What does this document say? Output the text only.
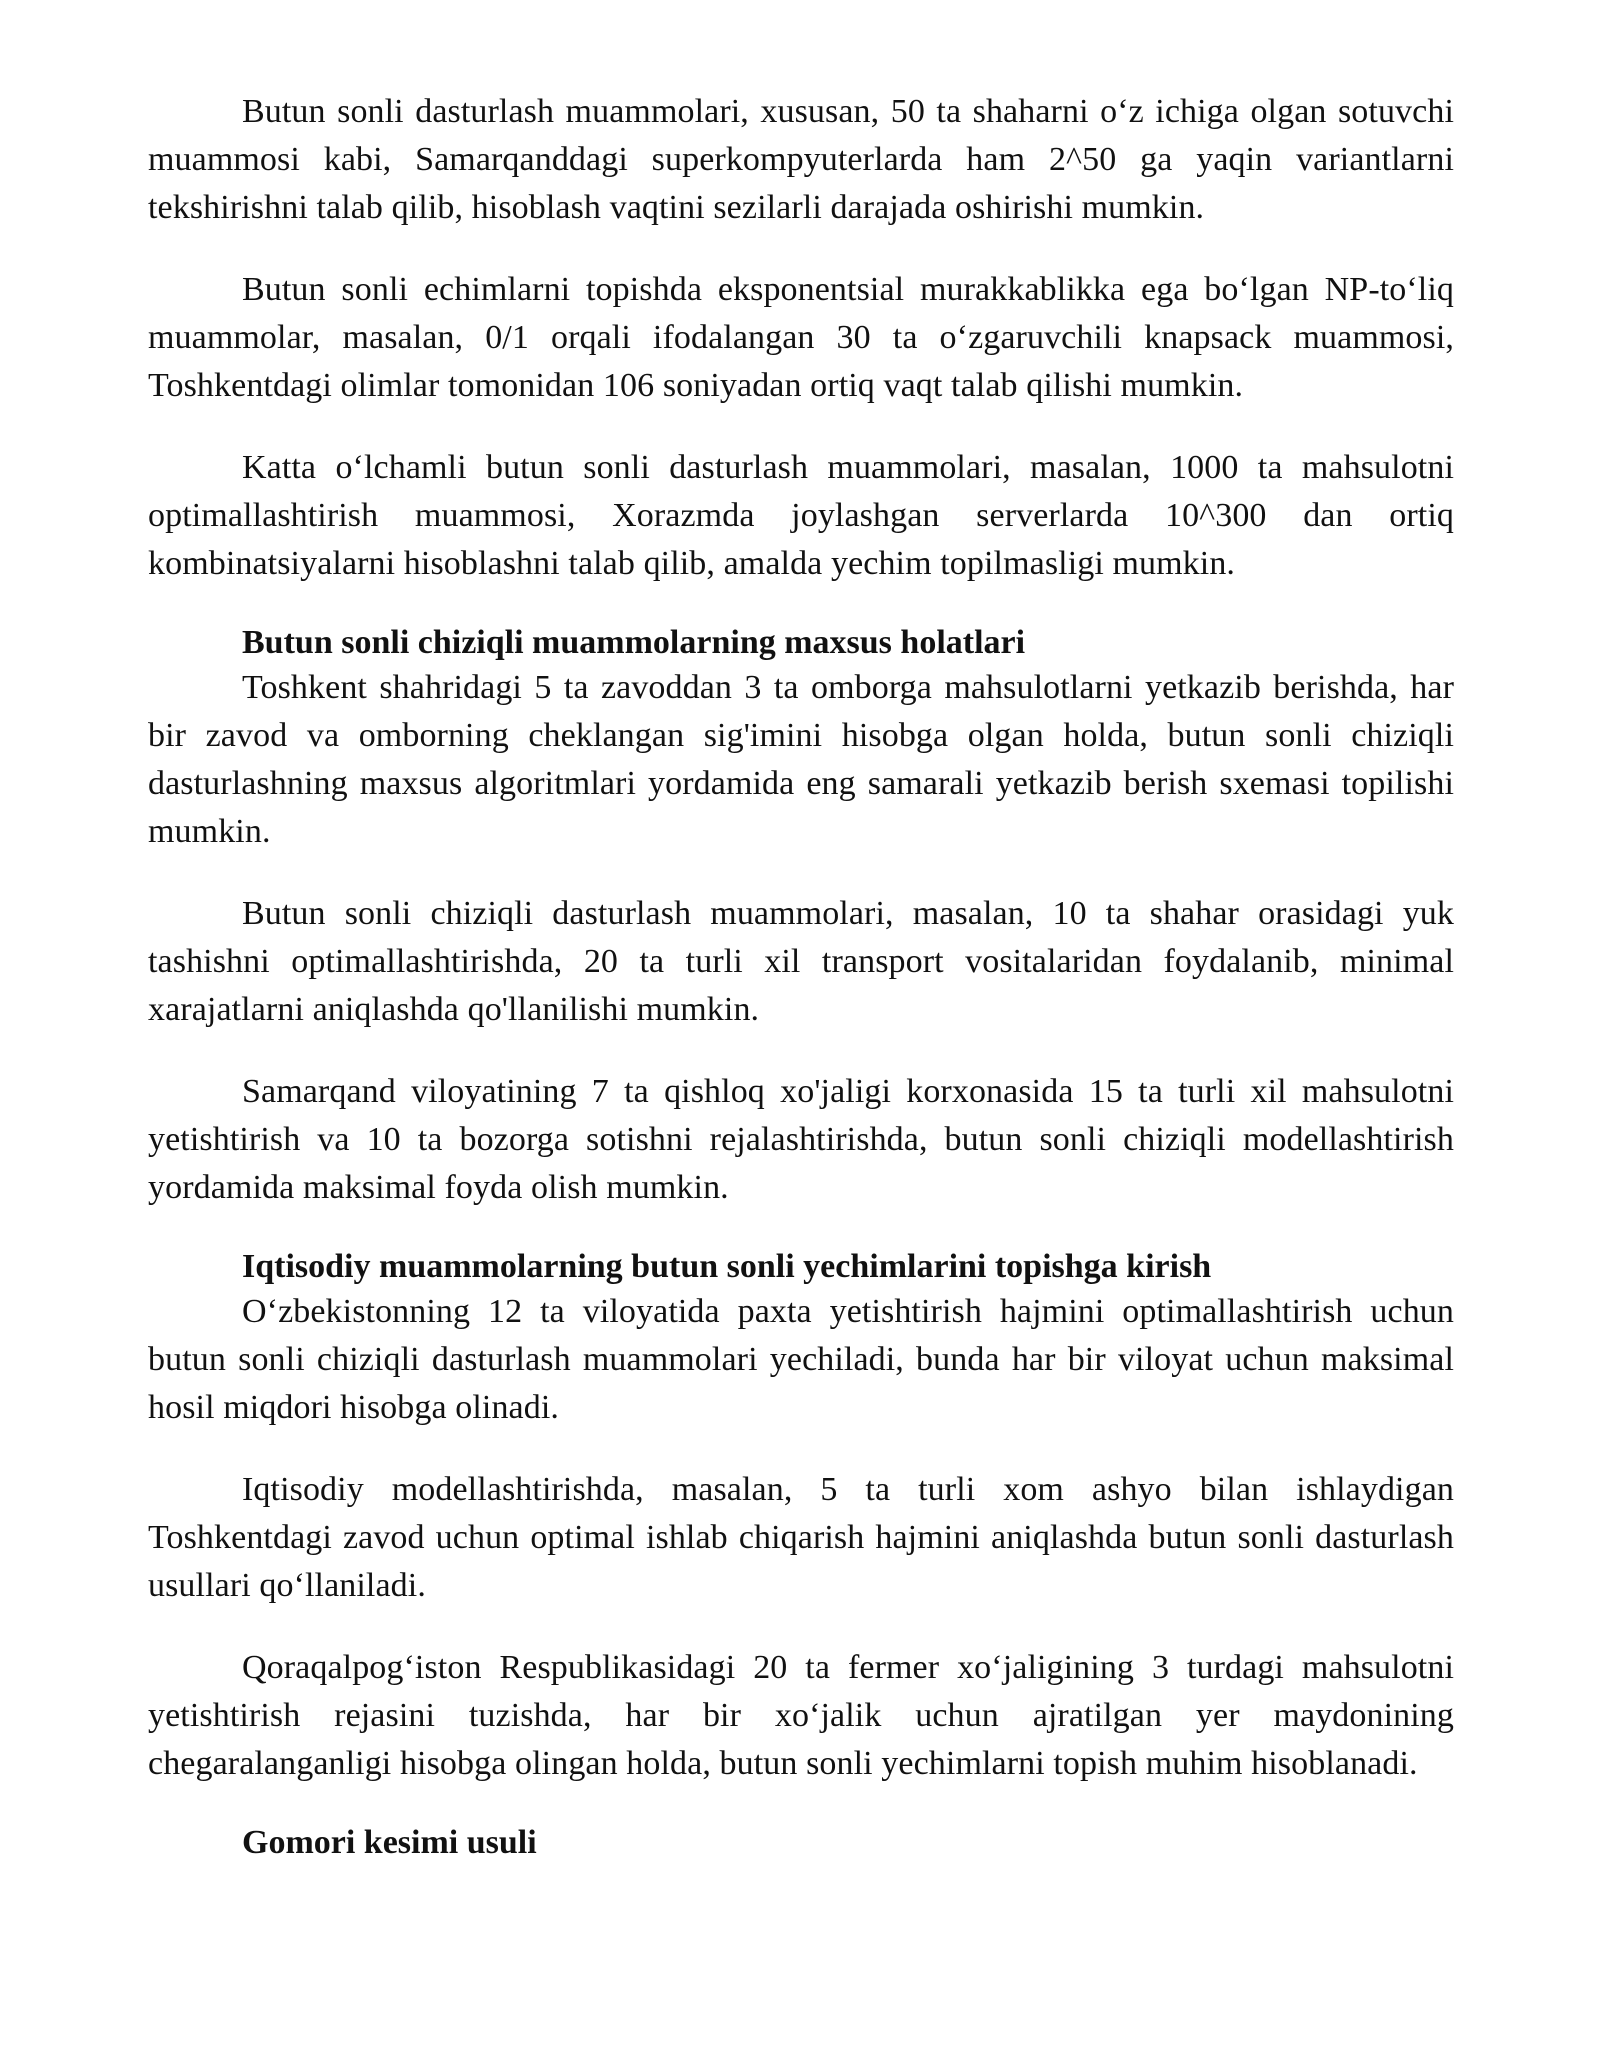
Butun sonli dasturlash muammolari, xususan, 50 ta shaharni o‘z ichiga olgan sotuvchi muammosi kabi, Samarqanddagi superkompyuterlarda ham 2^50 ga yaqin variantlarni tekshirishni talab qilib, hisoblash vaqtini sezilarli darajada oshirishi mumkin.

Butun sonli echimlarni topishda eksponentsial murakkablikka ega bo‘lgan NP-to‘liq muammolar, masalan, 0/1 orqali ifodalangan 30 ta o‘zgaruvchili knapsack muammosi, Toshkentdagi olimlar tomonidan 106 soniyadan ortiq vaqt talab qilishi mumkin.

Katta o‘lchamli butun sonli dasturlash muammolari, masalan, 1000 ta mahsulotni optimallashtirish muammosi, Xorazmda joylashgan serverlarda 10^300 dan ortiq kombinatsiyalarni hisoblashni talab qilib, amalda yechim topilmasligi mumkin.

Butun sonli chiziqli muammolarning maxsus holatlari

Toshkent shahridagi 5 ta zavoddan 3 ta omborga mahsulotlarni yetkazib berishda, har bir zavod va omborning cheklangan sig'imini hisobga olgan holda, butun sonli chiziqli dasturlashning maxsus algoritmlari yordamida eng samarali yetkazib berish sxemasi topilishi mumkin.

Butun sonli chiziqli dasturlash muammolari, masalan, 10 ta shahar orasidagi yuk tashishni optimallashtirishda, 20 ta turli xil transport vositalaridan foydalanib, minimal xarajatlarni aniqlashda qo'llanilishi mumkin.

Samarqand viloyatining 7 ta qishloq xo'jaligi korxonasida 15 ta turli xil mahsulotni yetishtirish va 10 ta bozorga sotishni rejalashtirishda, butun sonli chiziqli modellashtirish yordamida maksimal foyda olish mumkin.

Iqtisodiy muammolarning butun sonli yechimlarini topishga kirish

O‘zbekistonning 12 ta viloyatida paxta yetishtirish hajmini optimallashtirish uchun butun sonli chiziqli dasturlash muammolari yechiladi, bunda har bir viloyat uchun maksimal hosil miqdori hisobga olinadi.

Iqtisodiy modellashtirishda, masalan, 5 ta turli xom ashyo bilan ishlaydigan Toshkentdagi zavod uchun optimal ishlab chiqarish hajmini aniqlashda butun sonli dasturlash usullari qo‘llaniladi.

Qoraqalpog‘iston Respublikasidagi 20 ta fermer xo‘jaligining 3 turdagi mahsulotni yetishtirish rejasini tuzishda, har bir xo‘jalik uchun ajratilgan yer maydonining chegaralanganligi hisobga olingan holda, butun sonli yechimlarni topish muhim hisoblanadi.

Gomori kesimi usuli
